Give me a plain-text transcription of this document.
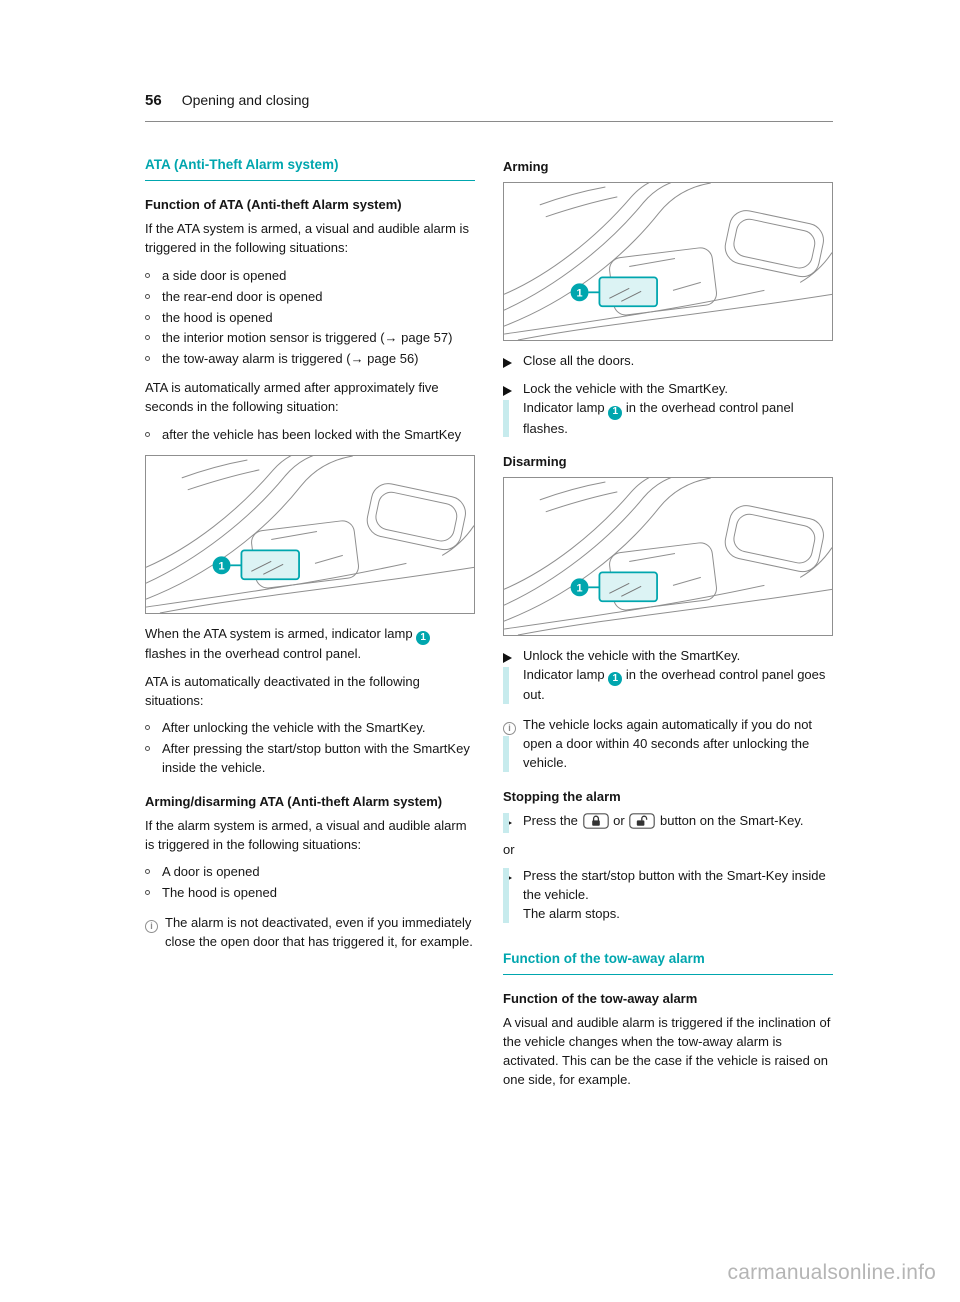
56 Opening and closing
ATA (Anti-Theft Alarm system)
Function of ATA (Anti-theft Alarm system)

If the ATA system is armed, a visual and audible alarm is triggered in the following situations:

a side door is opened
the rear-end door is opened
the hood is opened
the interior motion sensor is triggered (→ page 57)
the tow-away alarm is triggered (→ page 56)

ATA is automatically armed after approximately five seconds in the following situation:

after the vehicle has been locked with the SmartKey

When the ATA system is armed, indicator lamp 1 flashes in the overhead control panel.

ATA is automatically deactivated in the following situations:

After unlocking the vehicle with the SmartKey.
After pressing the start/stop button with the SmartKey inside the vehicle.
Arming/disarming ATA (Anti-theft Alarm system)

If the alarm system is armed, a visual and audible alarm is triggered in the following situations:

A door is opened
The hood is opened
i The alarm is not deactivated, even if you immediately close the open door that has triggered it, for example.
Arming
Close all the doors.
Lock the vehicle with the SmartKey.
Indicator lamp 1 in the overhead control panel flashes.
Disarming
Unlock the vehicle with the SmartKey.
Indicator lamp 1 in the overhead control panel goes out.
i The vehicle locks again automatically if you do not open a door within 40 seconds after unlocking the vehicle.
Stopping the alarm
Press the	or	button on the Smart-Key.

or

Press the start/stop button with the Smart-Key inside the vehicle.
The alarm stops.
Function of the tow-away alarm
Function of the tow-away alarm

A visual and audible alarm is triggered if the inclination of the vehicle changes when the tow-away alarm is activated. This can be the case if the vehicle is raised on one side, for example.

carmanualsonline.info
